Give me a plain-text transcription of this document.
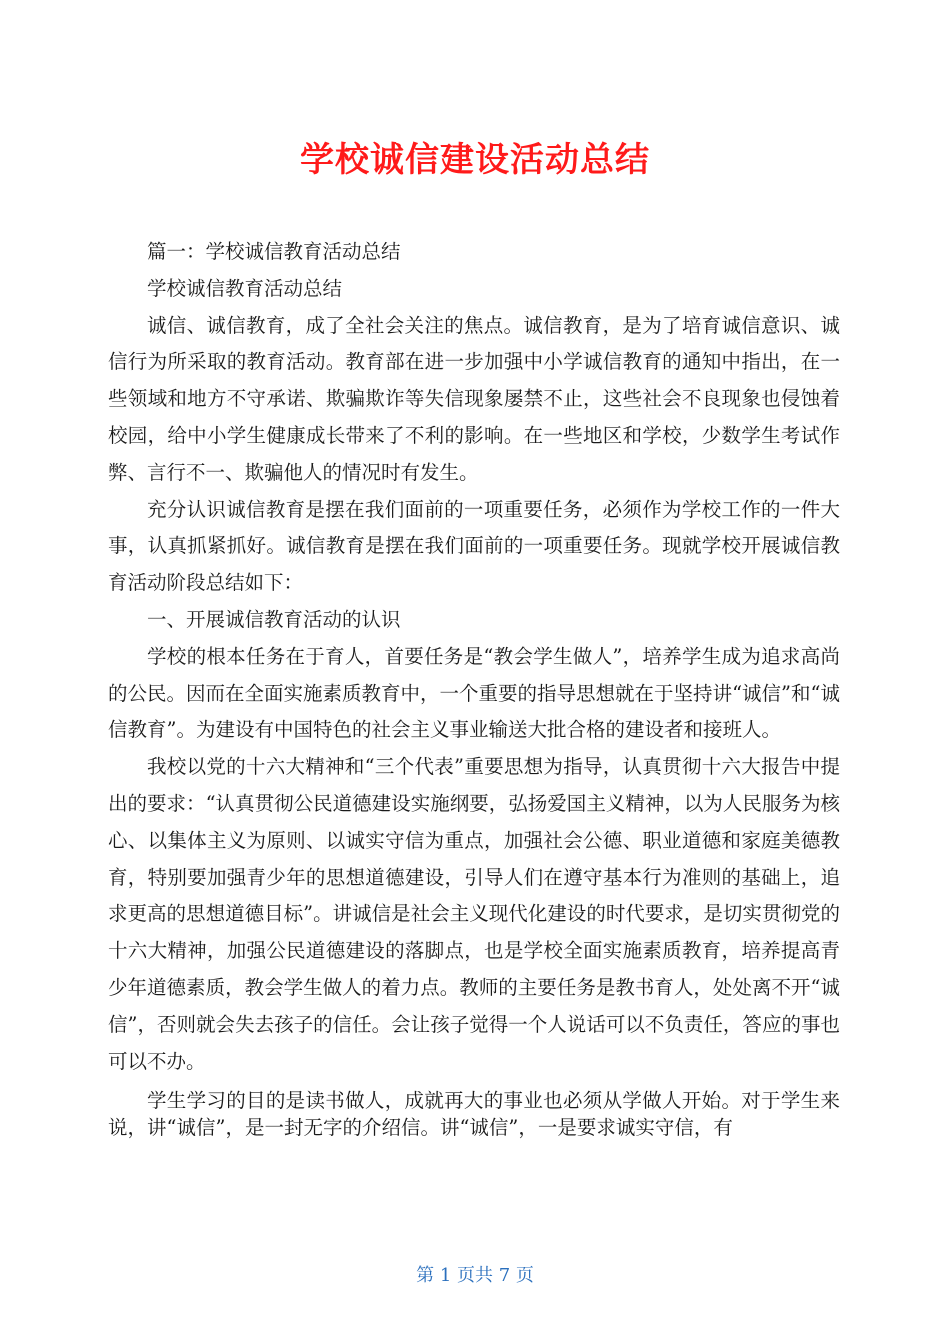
学校诚信建设活动总结

篇一：学校诚信教育活动总结

学校诚信教育活动总结

诚信、诚信教育，成了全社会关注的焦点。诚信教育，是为了培育诚信意识、诚信行为所采取的教育活动。教育部在进一步加强中小学诚信教育的通知中指出，在一些领域和地方不守承诺、欺骗欺诈等失信现象屡禁不止，这些社会不良现象也侵蚀着校园，给中小学生健康成长带来了不利的影响。在一些地区和学校，少数学生考试作弊、言行不一、欺骗他人的情况时有发生。

充分认识诚信教育是摆在我们面前的一项重要任务，必须作为学校工作的一件大事，认真抓紧抓好。诚信教育是摆在我们面前的一项重要任务。现就学校开展诚信教育活动阶段总结如下：

一、开展诚信教育活动的认识

学校的根本任务在于育人，首要任务是“教会学生做人”，培养学生成为追求高尚的公民。因而在全面实施素质教育中，一个重要的指导思想就在于坚持讲“诚信”和“诚信教育”。为建设有中国特色的社会主义事业输送大批合格的建设者和接班人。

我校以党的十六大精神和“三个代表”重要思想为指导，认真贯彻十六大报告中提出的要求：“认真贯彻公民道德建设实施纲要，弘扬爱国主义精神，以为人民服务为核心、以集体主义为原则、以诚实守信为重点，加强社会公德、职业道德和家庭美德教育，特别要加强青少年的思想道德建设，引导人们在遵守基本行为准则的基础上，追求更高的思想道德目标”。讲诚信是社会主义现代化建设的时代要求，是切实贯彻党的十六大精神，加强公民道德建设的落脚点，也是学校全面实施素质教育，培养提高青少年道德素质，教会学生做人的着力点。教师的主要任务是教书育人，处处离不开“诚信”，否则就会失去孩子的信任。会让孩子觉得一个人说话可以不负责任，答应的事也可以不办。

学生学习的目的是读书做人，成就再大的事业也必须从学做人开始。对于学生来说，讲“诚信”，是一封无字的介绍信。讲“诚信”，一是要求诚实守信，有

第 1 页共 7 页
